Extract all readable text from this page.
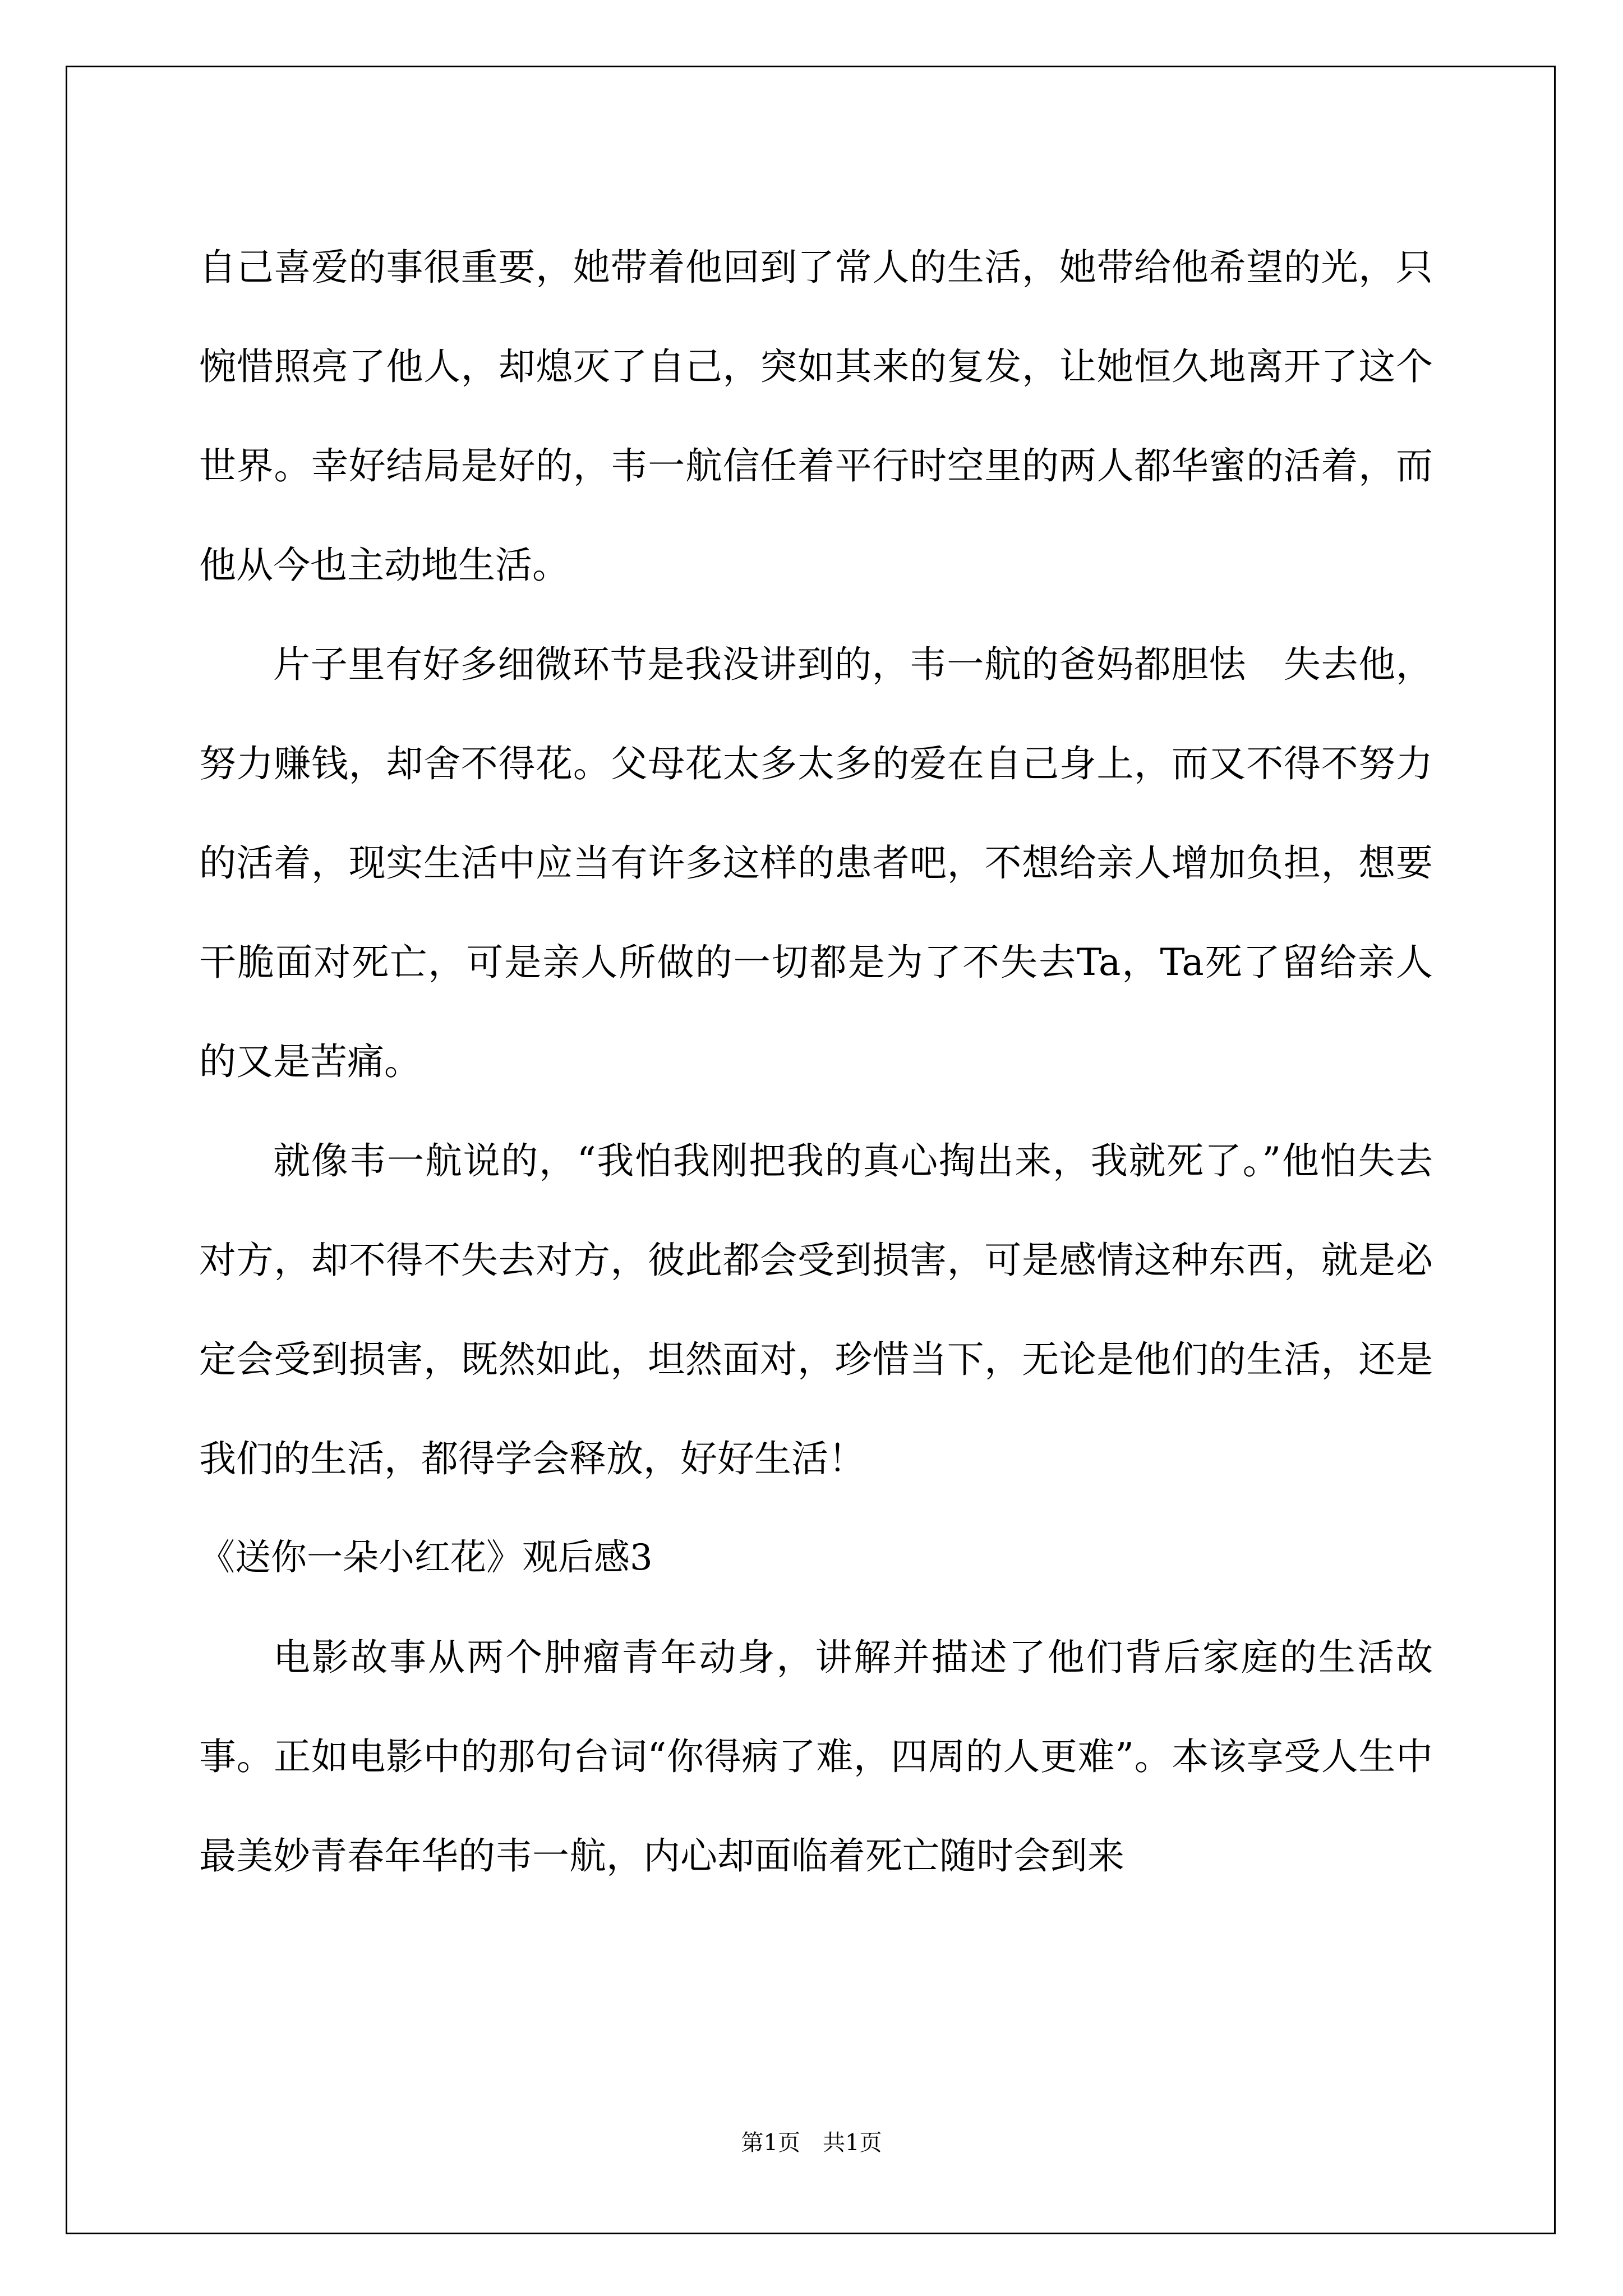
自己喜爱的事很重要，她带着他回到了常人的生活，她带给他希望的光，只惋惜照亮了他人，却熄灭了自己，突如其来的复发，让她恒久地离开了这个世界。幸好结局是好的，韦一航信任着平行时空里的两人都华蜜的活着，而他从今也主动地生活。

片子里有好多细微环节是我没讲到的，韦一航的爸妈都胆怯　失去他，努力赚钱，却舍不得花。父母花太多太多的爱在自己身上，而又不得不努力的活着，现实生活中应当有许多这样的患者吧，不想给亲人增加负担，想要干脆面对死亡，可是亲人所做的一切都是为了不失去Ta，Ta死了留给亲人的又是苦痛。

就像韦一航说的，“我怕我刚把我的真心掏出来，我就死了。”他怕失去对方，却不得不失去对方，彼此都会受到损害，可是感情这种东西，就是必定会受到损害，既然如此，坦然面对，珍惜当下，无论是他们的生活，还是我们的生活，都得学会释放，好好生活！

《送你一朵小红花》观后感3

电影故事从两个肿瘤青年动身，讲解并描述了他们背后家庭的生活故事。正如电影中的那句台词“你得病了难，四周的人更难”。本该享受人生中最美妙青春年华的韦一航，内心却面临着死亡随时会到来

第1页　共1页
